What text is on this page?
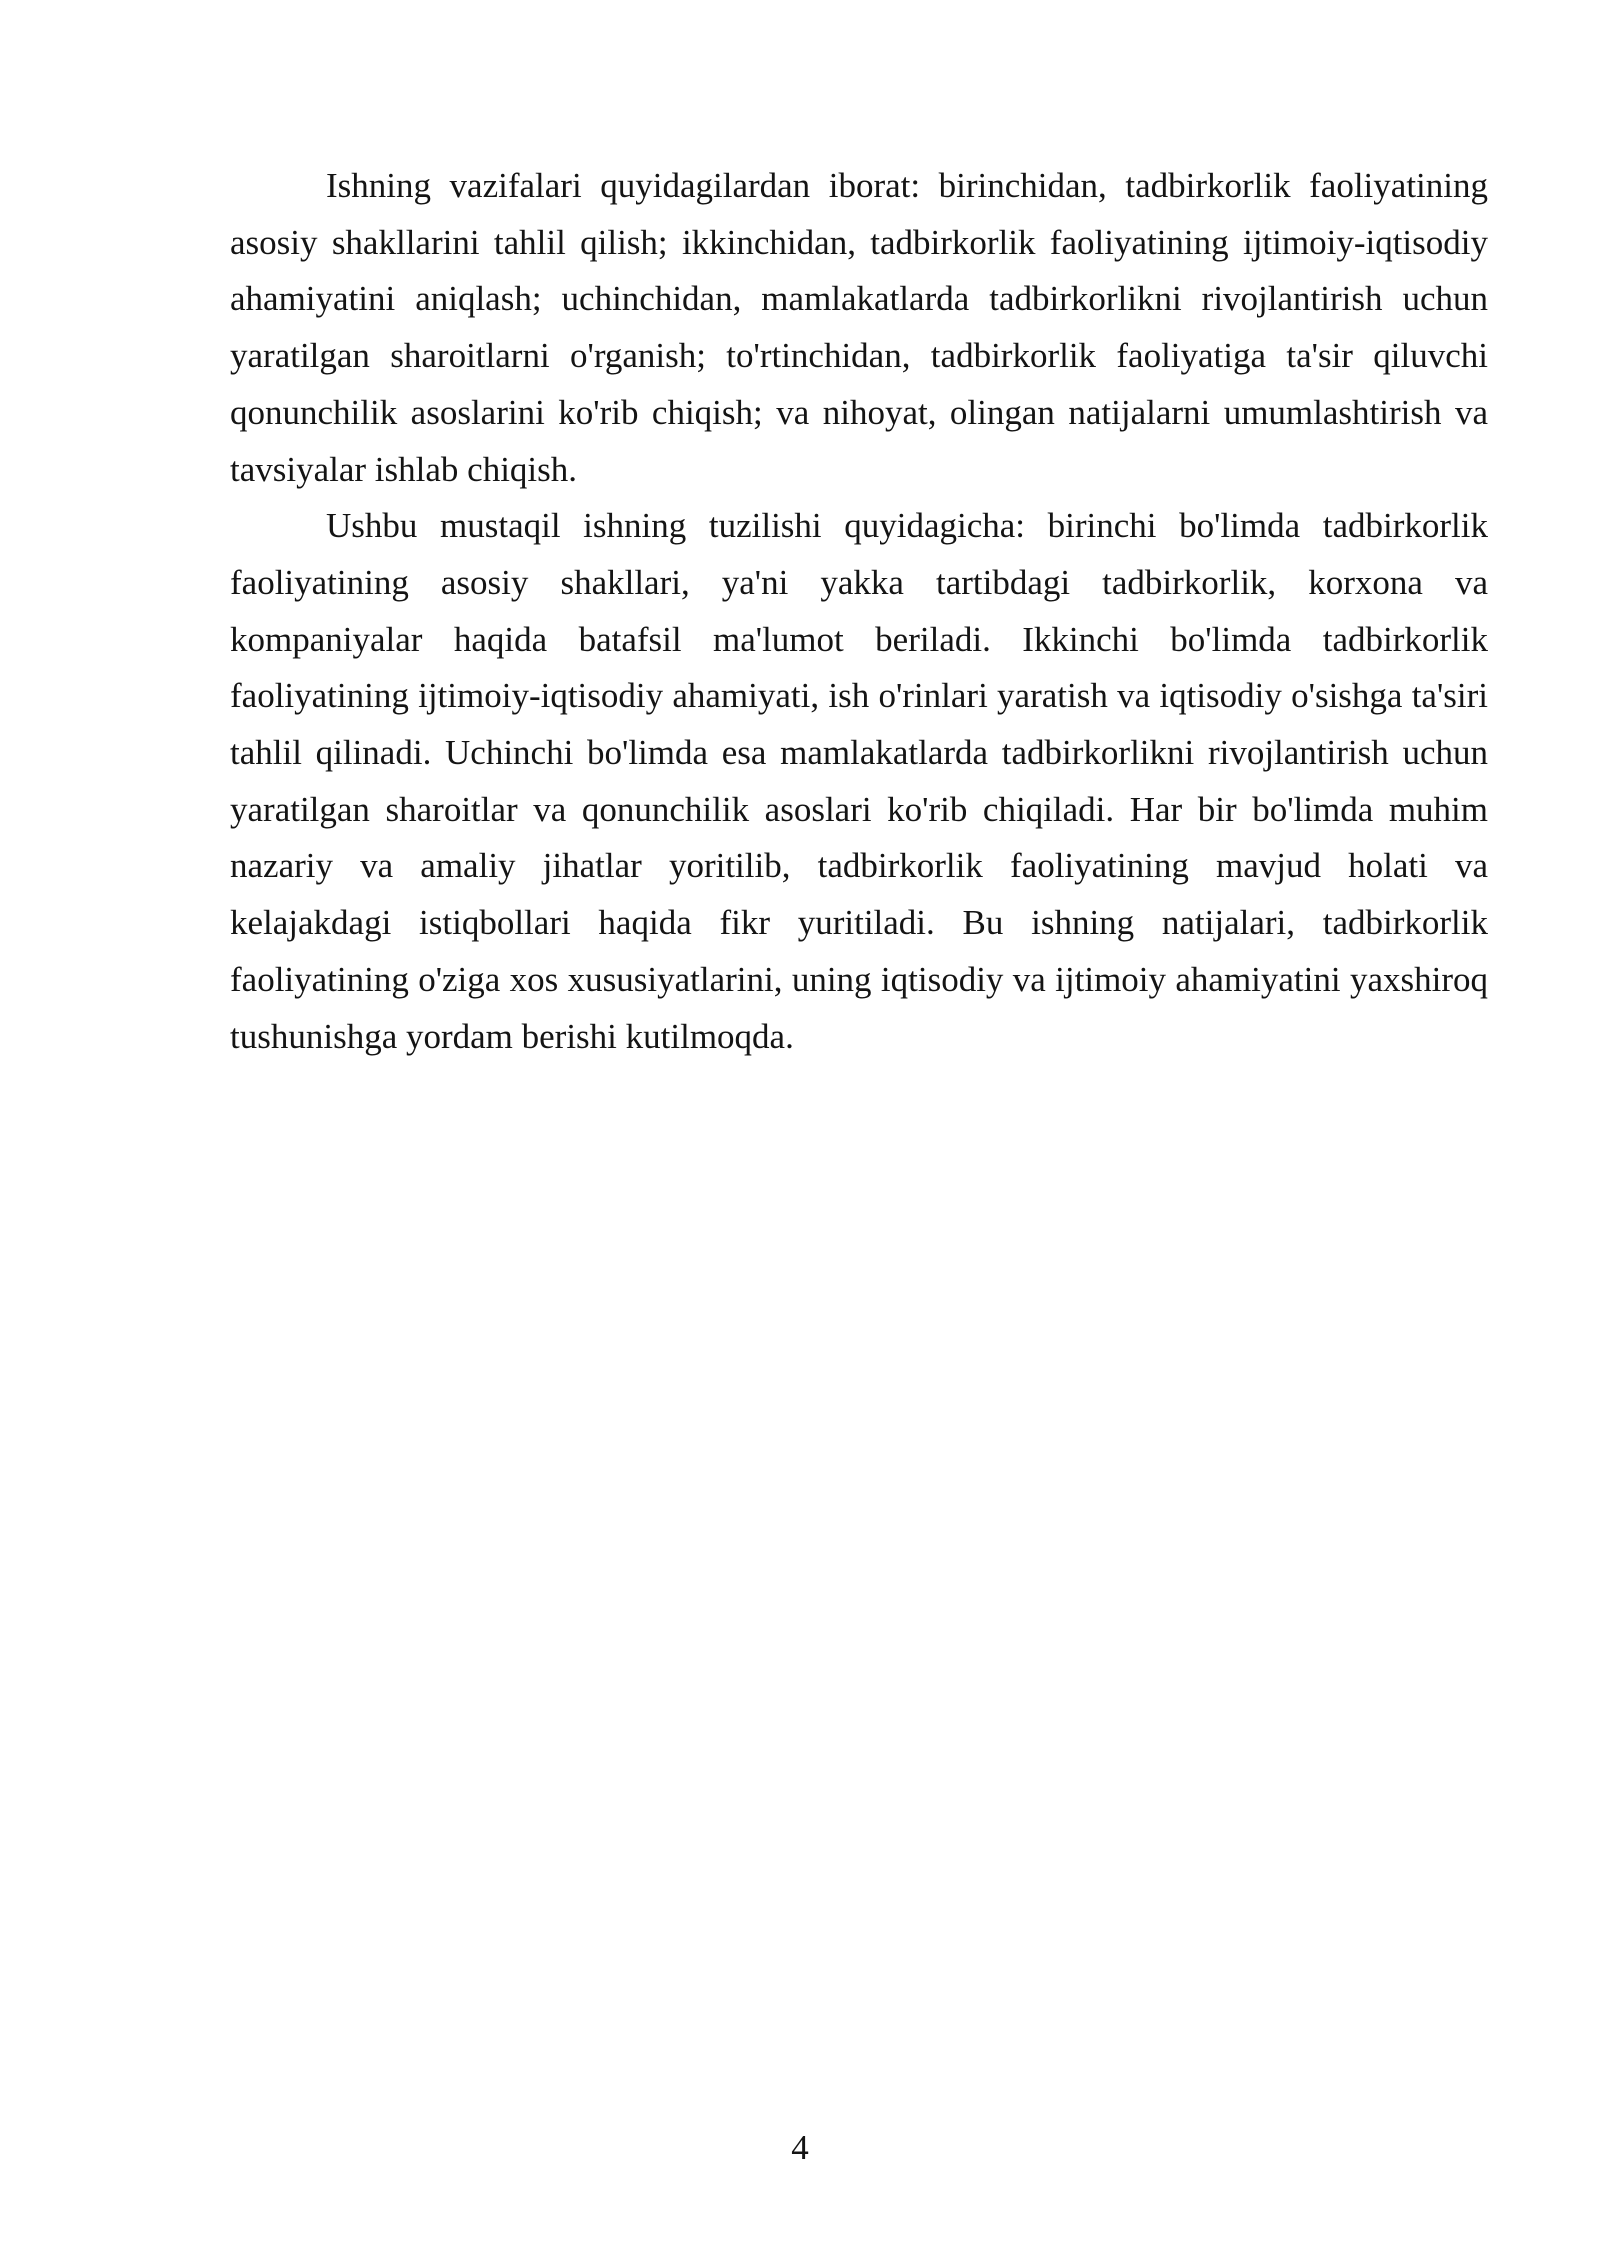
Ishning vazifalari quyidagilardan iborat: birinchidan, tadbirkorlik faoliyatining asosiy shakllarini tahlil qilish; ikkinchidan, tadbirkorlik faoliyatining ijtimoiy-iqtisodiy ahamiyatini aniqlash; uchinchidan, mamlakatlarda tadbirkorlikni rivojlantirish uchun yaratilgan sharoitlarni o'rganish; to'rtinchidan, tadbirkorlik faoliyatiga ta'sir qiluvchi qonunchilik asoslarini ko'rib chiqish; va nihoyat, olingan natijalarni umumlashtirish va tavsiyalar ishlab chiqish.

Ushbu mustaqil ishning tuzilishi quyidagicha: birinchi bo'limda tadbirkorlik faoliyatining asosiy shakllari, ya'ni yakka tartibdagi tadbirkorlik, korxona va kompaniyalar haqida batafsil ma'lumot beriladi. Ikkinchi bo'limda tadbirkorlik faoliyatining ijtimoiy-iqtisodiy ahamiyati, ish o'rinlari yaratish va iqtisodiy o'sishga ta'siri tahlil qilinadi. Uchinchi bo'limda esa mamlakatlarda tadbirkorlikni rivojlantirish uchun yaratilgan sharoitlar va qonunchilik asoslari ko'rib chiqiladi. Har bir bo'limda muhim nazariy va amaliy jihatlar yoritilib, tadbirkorlik faoliyatining mavjud holati va kelajakdagi istiqbollari haqida fikr yuritiladi. Bu ishning natijalari, tadbirkorlik faoliyatining o'ziga xos xususiyatlarini, uning iqtisodiy va ijtimoiy ahamiyatini yaxshiroq tushunishga yordam berishi kutilmoqda.

4
